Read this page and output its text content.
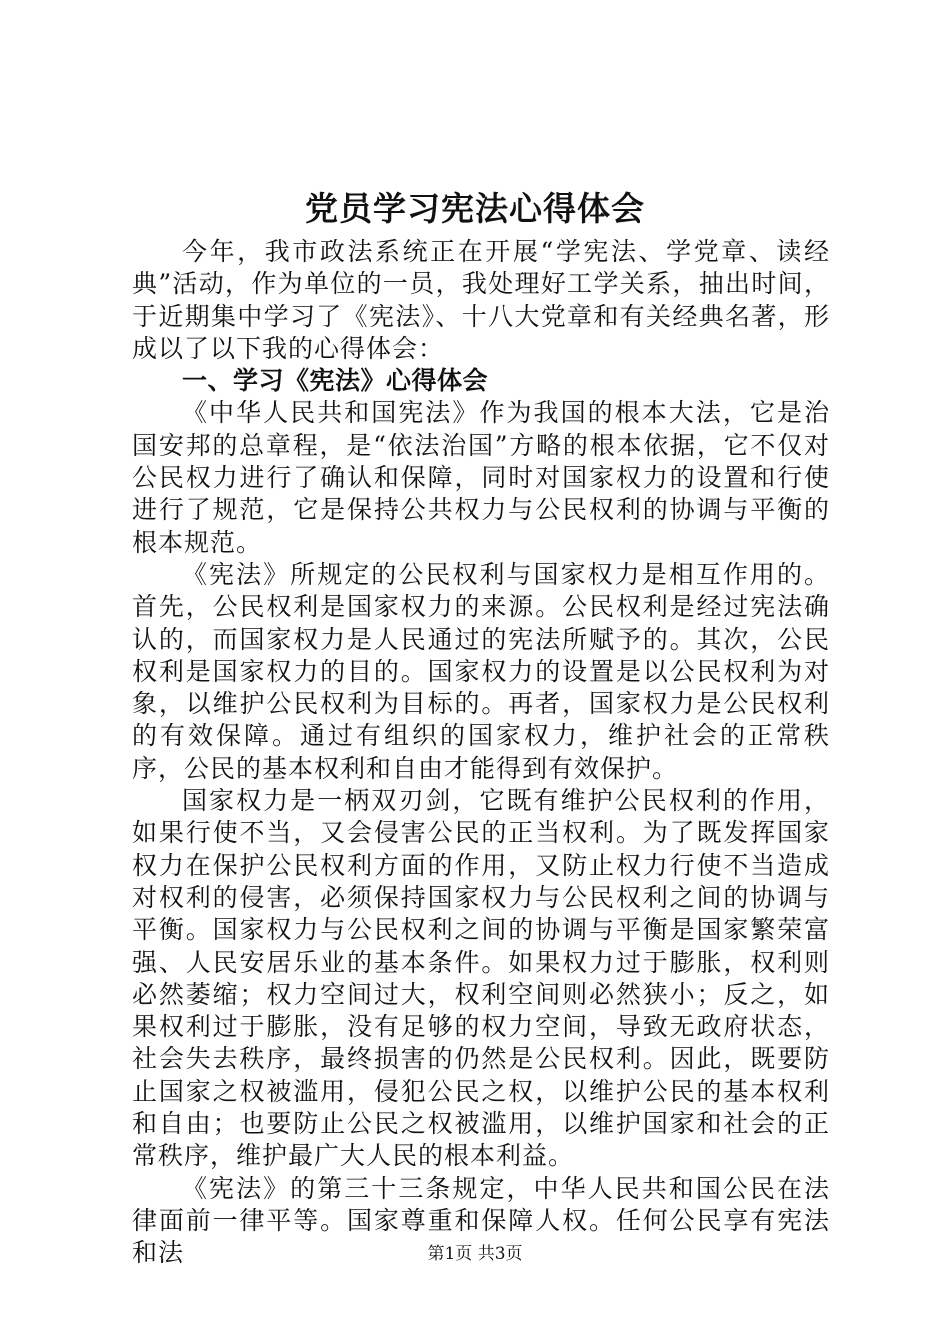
党员学习宪法心得体会

今年，我市政法系统正在开展“学宪法、学党章、读经典”活动，作为单位的一员，我处理好工学关系，抽出时间，于近期集中学习了《宪法》、十八大党章和有关经典名著，形成以了以下我的心得体会：

一、学习《宪法》心得体会

《中华人民共和国宪法》作为我国的根本大法，它是治国安邦的总章程，是“依法治国”方略的根本依据，它不仅对公民权力进行了确认和保障，同时对国家权力的设置和行使进行了规范，它是保持公共权力与公民权利的协调与平衡的根本规范。

《宪法》所规定的公民权利与国家权力是相互作用的。首先，公民权利是国家权力的来源。公民权利是经过宪法确认的，而国家权力是人民通过的宪法所赋予的。其次，公民权利是国家权力的目的。国家权力的设置是以公民权利为对象，以维护公民权利为目标的。再者，国家权力是公民权利的有效保障。通过有组织的国家权力，维护社会的正常秩序，公民的基本权利和自由才能得到有效保护。

国家权力是一柄双刃剑，它既有维护公民权利的作用，如果行使不当，又会侵害公民的正当权利。为了既发挥国家权力在保护公民权利方面的作用，又防止权力行使不当造成对权利的侵害，必须保持国家权力与公民权利之间的协调与平衡。国家权力与公民权利之间的协调与平衡是国家繁荣富强、人民安居乐业的基本条件。如果权力过于膨胀，权利则必然萎缩；权力空间过大，权利空间则必然狭小；反之，如果权利过于膨胀，没有足够的权力空间，导致无政府状态，社会失去秩序，最终损害的仍然是公民权利。因此，既要防止国家之权被滥用，侵犯公民之权，以维护公民的基本权利和自由；也要防止公民之权被滥用，以维护国家和社会的正常秩序，维护最广大人民的根本利益。

《宪法》的第三十三条规定，中华人民共和国公民在法律面前一律平等。国家尊重和保障人权。任何公民享有宪法和法	第1页 共3页
